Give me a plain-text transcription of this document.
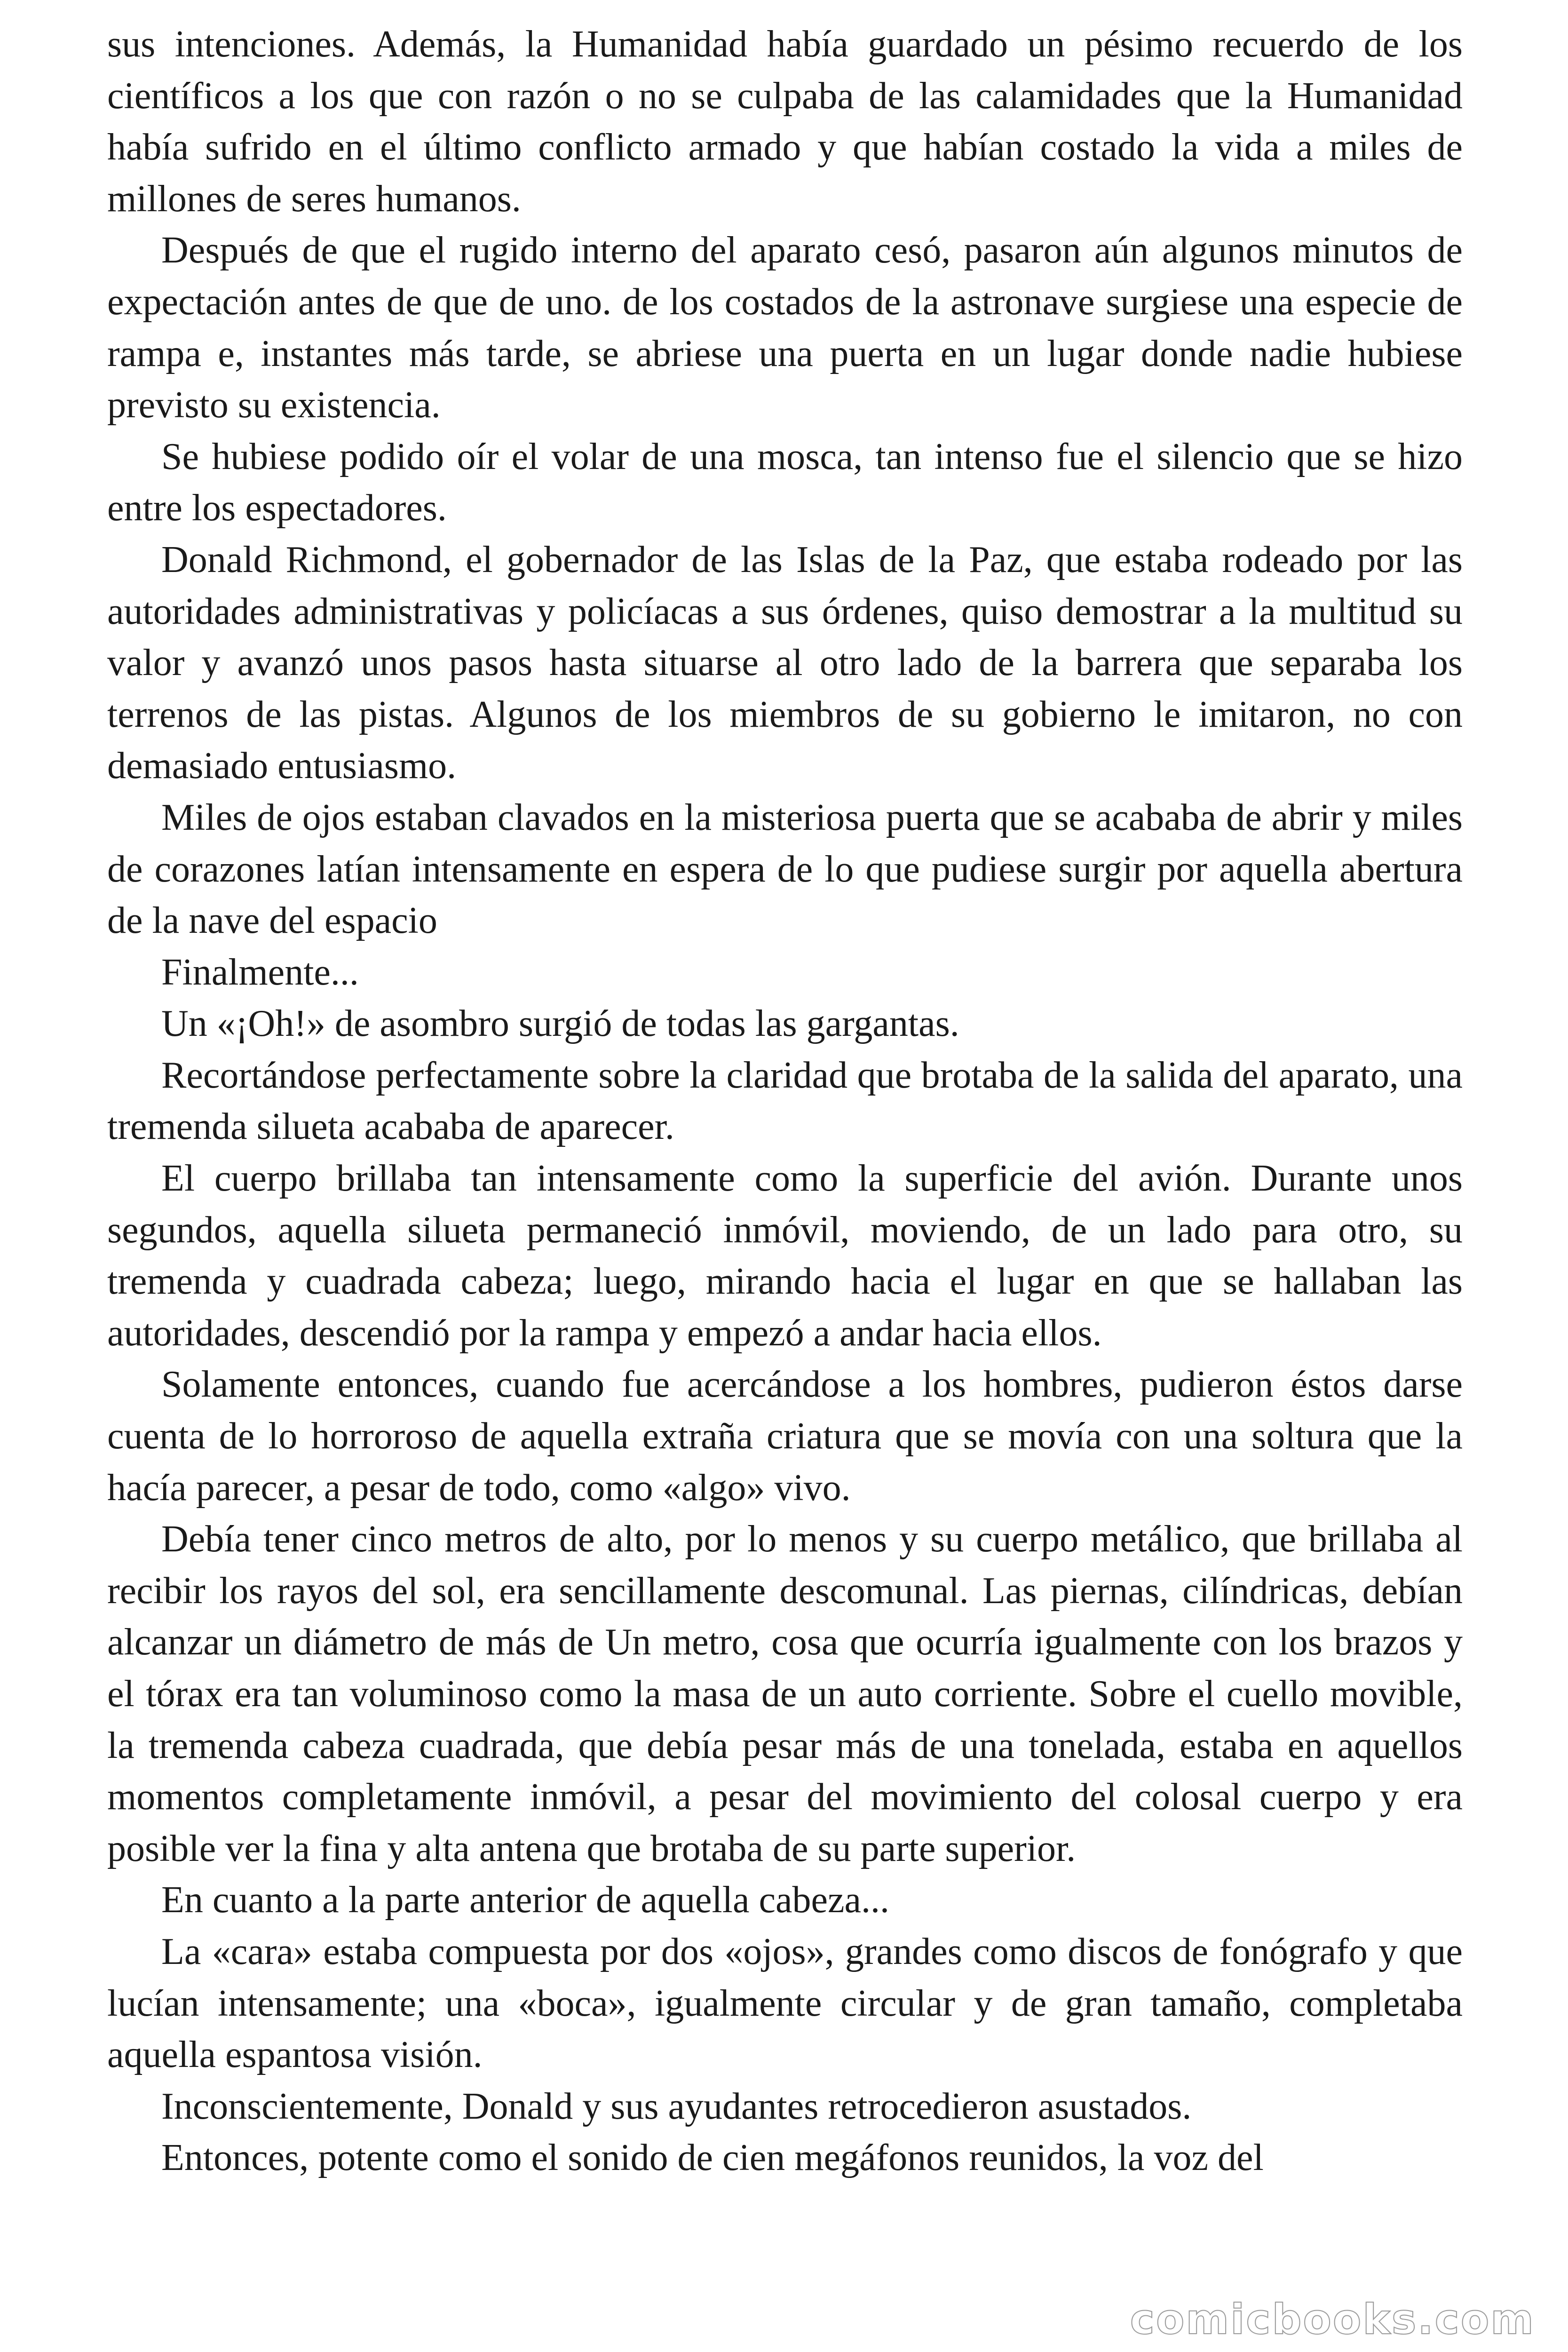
sus intenciones. Además, la Humanidad había guardado un pésimo recuerdo de los científicos a los que con razón o no se culpaba de las calamidades que la Humanidad había sufrido en el último conflicto armado y que habían costado la vida a miles de millones de seres humanos.

Después de que el rugido interno del aparato cesó, pasaron aún algunos minutos de expectación antes de que de uno. de los costados de la astronave surgiese una especie de rampa e, instantes más tarde, se abriese una puerta en un lugar donde nadie hubiese previsto su existencia.

Se hubiese podido oír el volar de una mosca, tan intenso fue el silencio que se hizo entre los espectadores.

Donald Richmond, el gobernador de las Islas de la Paz, que estaba rodeado por las autoridades administrativas y policíacas a sus órdenes, quiso demostrar a la multitud su valor y avanzó unos pasos hasta situarse al otro lado de la barrera que separaba los terrenos de las pistas. Algunos de los miembros de su gobierno le imitaron, no con demasiado entusiasmo.

Miles de ojos estaban clavados en la misteriosa puerta que se acababa de abrir y miles de corazones latían intensamente en espera de lo que pudiese surgir por aquella abertura de la nave del espacio

Finalmente...

Un «¡Oh!» de asombro surgió de todas las gargantas.

Recortándose perfectamente sobre la claridad que brotaba de la salida del aparato, una tremenda silueta acababa de aparecer.

El cuerpo brillaba tan intensamente como la superficie del avión. Durante unos segundos, aquella silueta permaneció inmóvil, moviendo, de un lado para otro, su tremenda y cuadrada cabeza; luego, mirando hacia el lugar en que se hallaban las autoridades, descendió por la rampa y empezó a andar hacia ellos.

Solamente entonces, cuando fue acercándose a los hombres, pudieron éstos darse cuenta de lo horroroso de aquella extraña criatura que se movía con una soltura que la hacía parecer, a pesar de todo, como «algo» vivo.

Debía tener cinco metros de alto, por lo menos y su cuerpo metálico, que brillaba al recibir los rayos del sol, era sencillamente descomunal. Las piernas, cilíndricas, debían alcanzar un diámetro de más de Un metro, cosa que ocurría igualmente con los brazos y el tórax era tan voluminoso como la masa de un auto corriente. Sobre el cuello movible, la tremenda cabeza cuadrada, que debía pesar más de una tonelada, estaba en aquellos momentos completamente inmóvil, a pesar del movimiento del colosal cuerpo y era posible ver la fina y alta antena que brotaba de su parte superior.

En cuanto a la parte anterior de aquella cabeza...

La «cara» estaba compuesta por dos «ojos», grandes como discos de fonógrafo y que lucían intensamente; una «boca», igualmente circular y de gran tamaño, completaba aquella espantosa visión.

Inconscientemente, Donald y sus ayudantes retrocedieron asustados.

Entonces, potente como el sonido de cien megáfonos reunidos, la voz del

comicbooks.com
